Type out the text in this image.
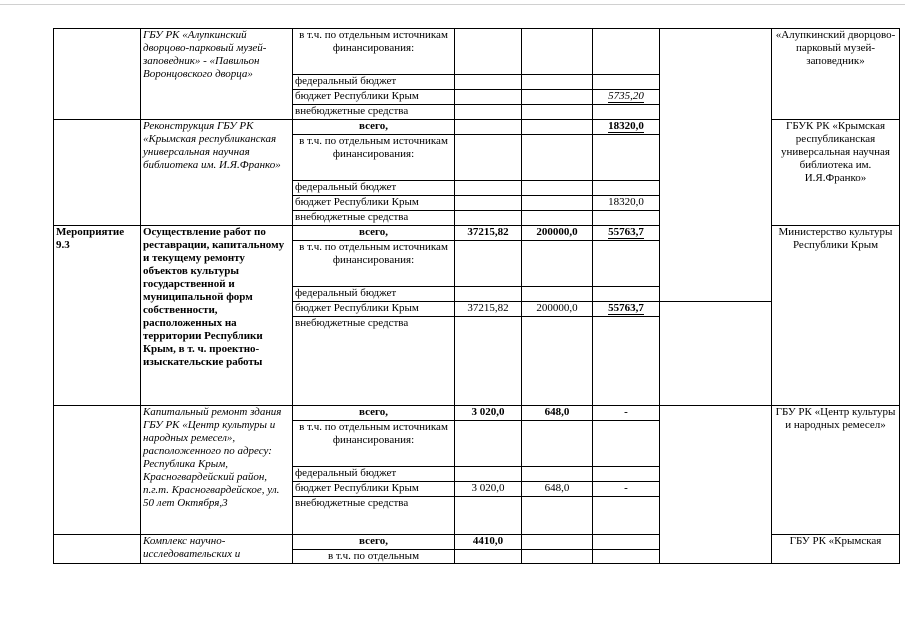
	ГБУ РК «Алупкинский дворцово-парковый музей-заповедник» - «Павильон Воронцовского дворца»	в т.ч. по отдельным источникам финансирования:					«Алупкинский дворцово-парковый музей-заповедник»	
		федеральный бюджет						
		бюджет Республики Крым			5735,20			
		внебюджетные средства						
	Реконструкция ГБУ РК «Крымская республиканская универсальная научная библиотека им. И.Я.Франко»	всего,			18320,0		ГБУК РК «Крымская республиканская универсальная научная библиотека им. И.Я.Франко»	
		в т.ч. по отдельным источникам финансирования:						
		федеральный бюджет						
		бюджет Республики Крым			18320,0			
		внебюджетные средства						
Мероприятие 9.3	Осуществление работ по реставрации, капитальному и текущему ремонту объектов культуры государственной и муниципальной форм собственности, расположенных на территории Республики Крым, в т. ч. проектно-изыскательские работы	всего,	37215,82	200000,0	55763,7		Министерство культуры Республики Крым	
		в т.ч. по отдельным источникам финансирования:						
		федеральный бюджет						
		бюджет Республики Крым	37215,82	200000,0	55763,7			
		внебюджетные средства						
	Капитальный ремонт здания ГБУ РК «Центр культуры и народных ремесел», расположенного по адресу: Республика Крым, Красногвардейский район, п.г.т. Красногвардейское, ул. 50 лет Октября,3	всего,	3 020,0	648,0	-		ГБУ РК «Центр культуры и народных ремесел»	
		в т.ч. по отдельным источникам финансирования:						
		федеральный бюджет						
		бюджет Республики Крым	3 020,0	648,0	-			
		внебюджетные средства						
	Комплекс научно-исследовательских и	всего,	4410,0				ГБУ РК «Крымская	
		в т.ч. по отдельным						
